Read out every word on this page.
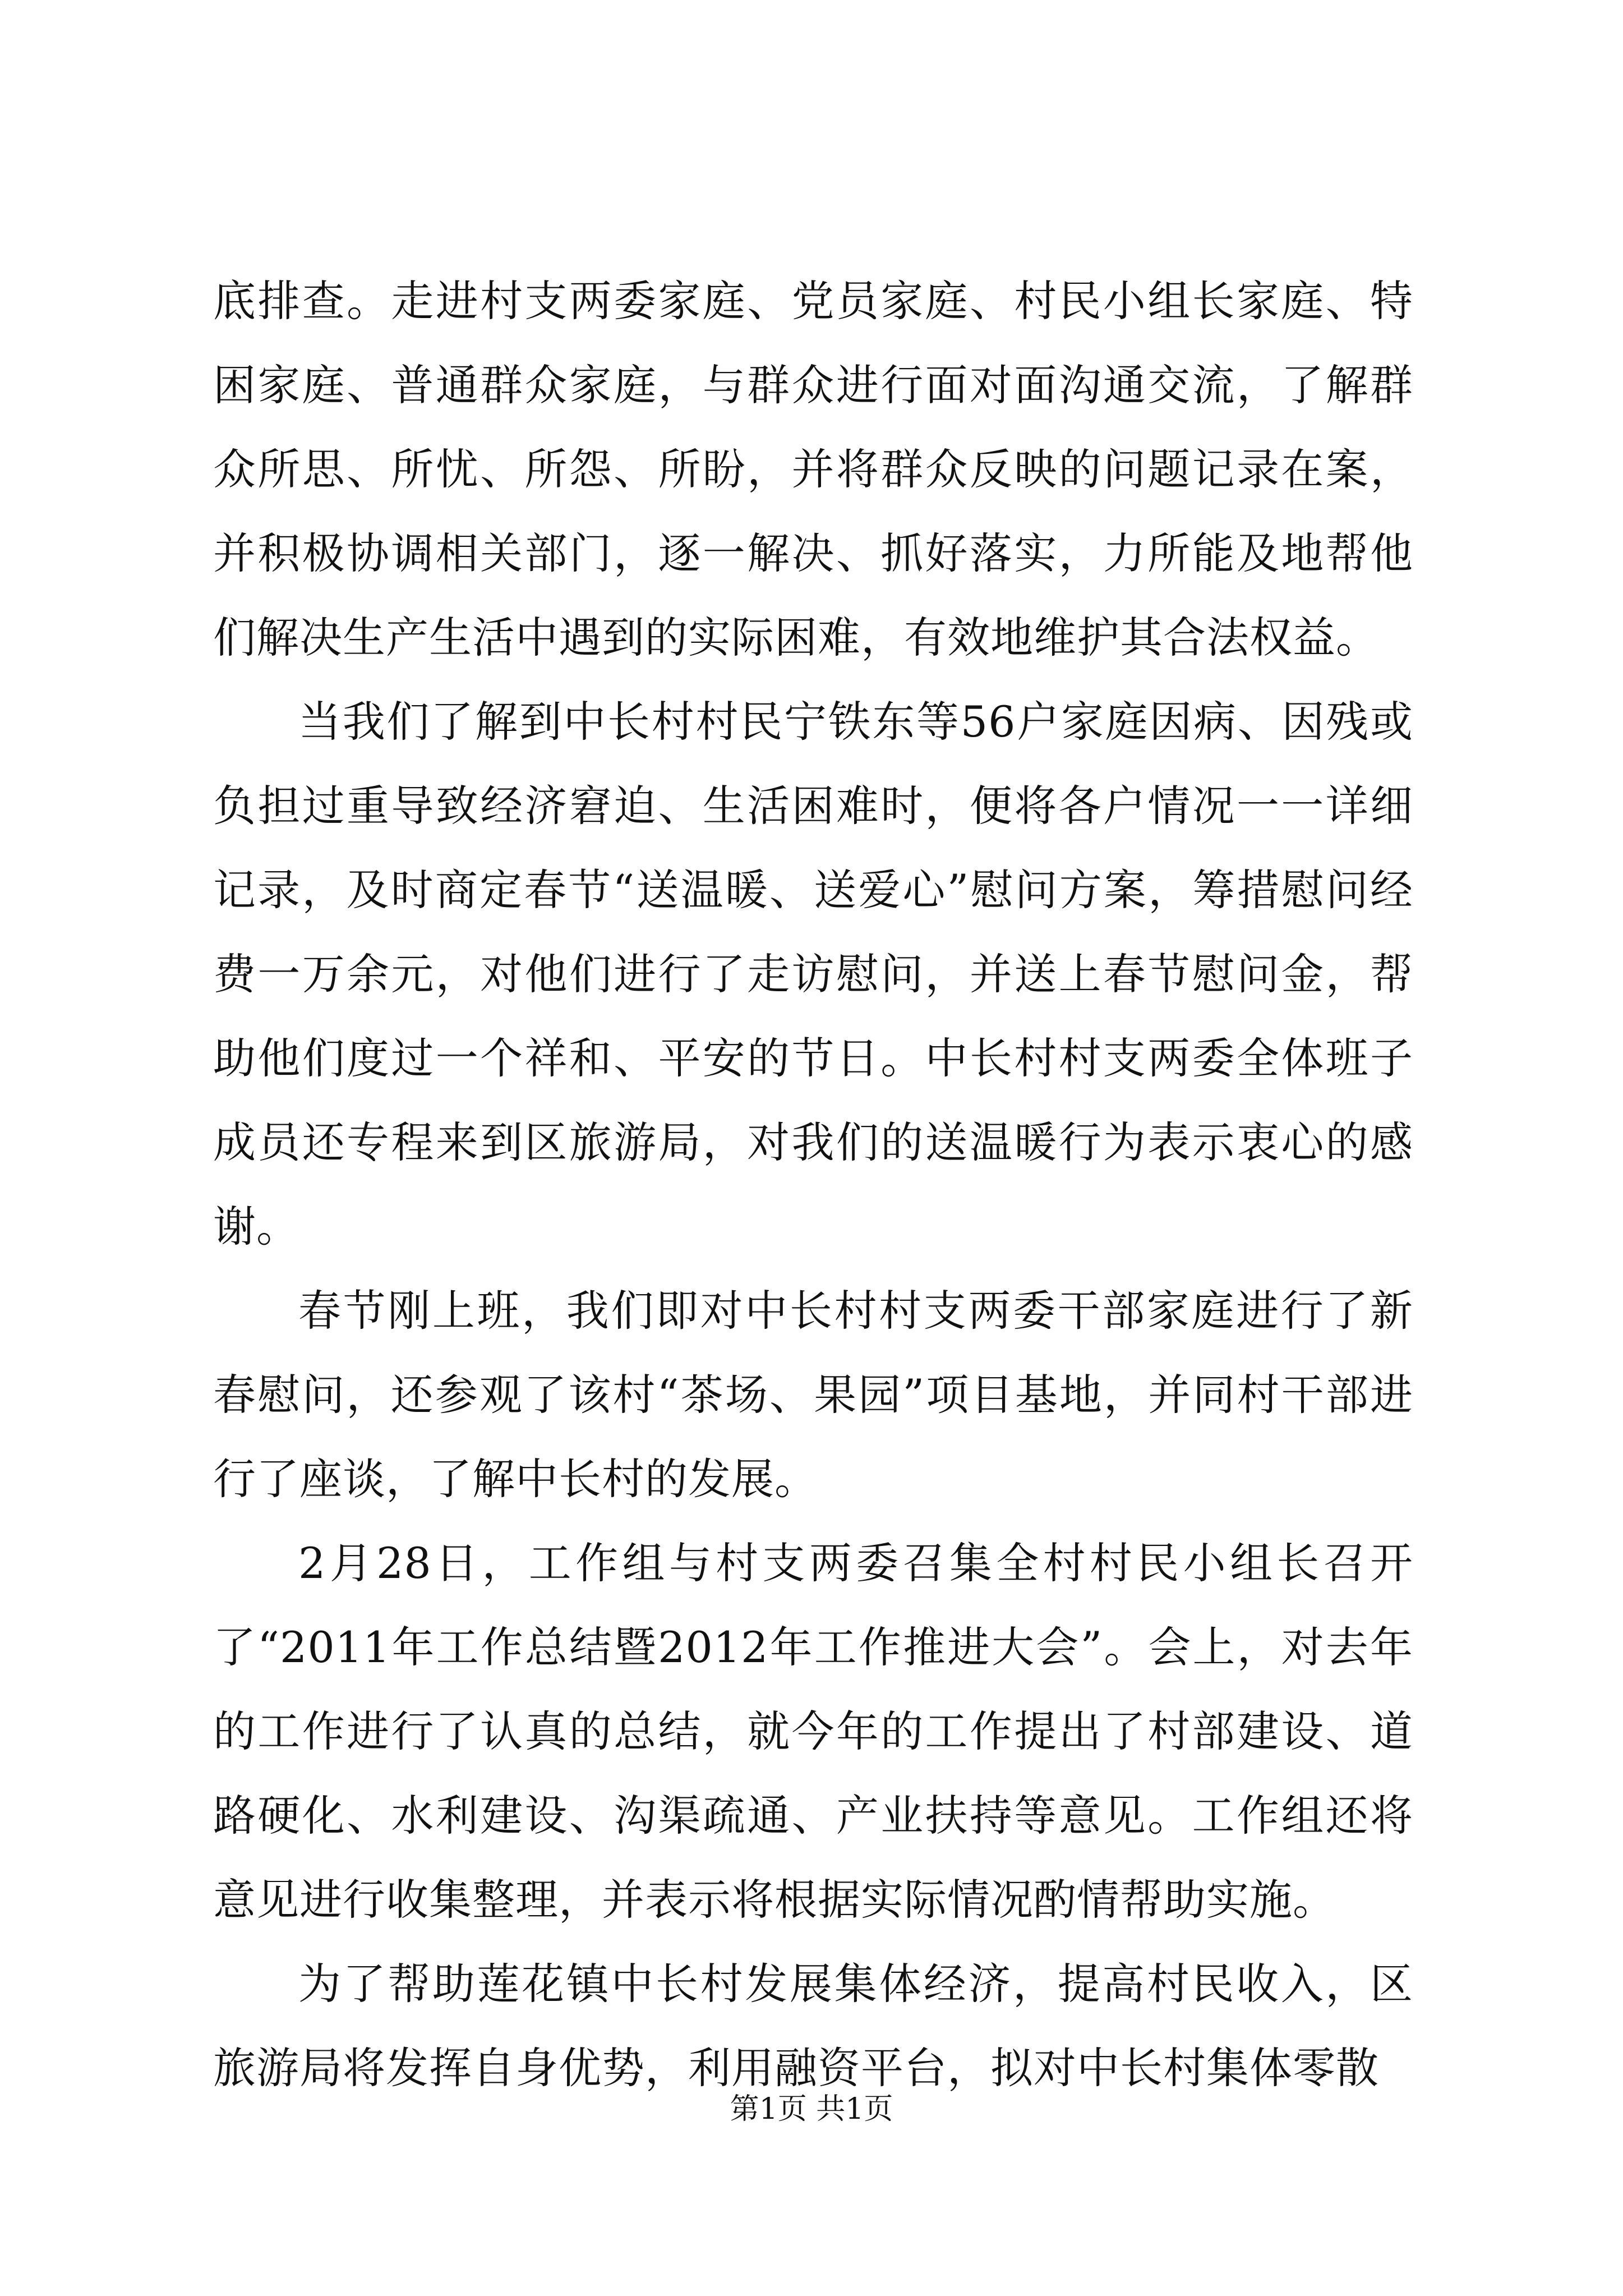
底排查。走进村支两委家庭、党员家庭、村民小组长家庭、特困家庭、普通群众家庭，与群众进行面对面沟通交流，了解群众所思、所忧、所怨、所盼，并将群众反映的问题记录在案，并积极协调相关部门，逐一解决、抓好落实，力所能及地帮他们解决生产生活中遇到的实际困难，有效地维护其合法权益。

当我们了解到中长村村民宁铁东等56户家庭因病、因残或负担过重导致经济窘迫、生活困难时，便将各户情况一一详细记录，及时商定春节“送温暖、送爱心”慰问方案，筹措慰问经费一万余元，对他们进行了走访慰问，并送上春节慰问金，帮助他们度过一个祥和、平安的节日。中长村村支两委全体班子成员还专程来到区旅游局，对我们的送温暖行为表示衷心的感谢。

春节刚上班，我们即对中长村村支两委干部家庭进行了新春慰问，还参观了该村“茶场、果园”项目基地，并同村干部进行了座谈，了解中长村的发展。

2月28日，工作组与村支两委召集全村村民小组长召开了“2011年工作总结暨2012年工作推进大会”。会上，对去年的工作进行了认真的总结，就今年的工作提出了村部建设、道路硬化、水利建设、沟渠疏通、产业扶持等意见。工作组还将意见进行收集整理，并表示将根据实际情况酌情帮助实施。

为了帮助莲花镇中长村发展集体经济，提高村民收入，区旅游局将发挥自身优势，利用融资平台，拟对中长村集体零散

第1页 共1页
